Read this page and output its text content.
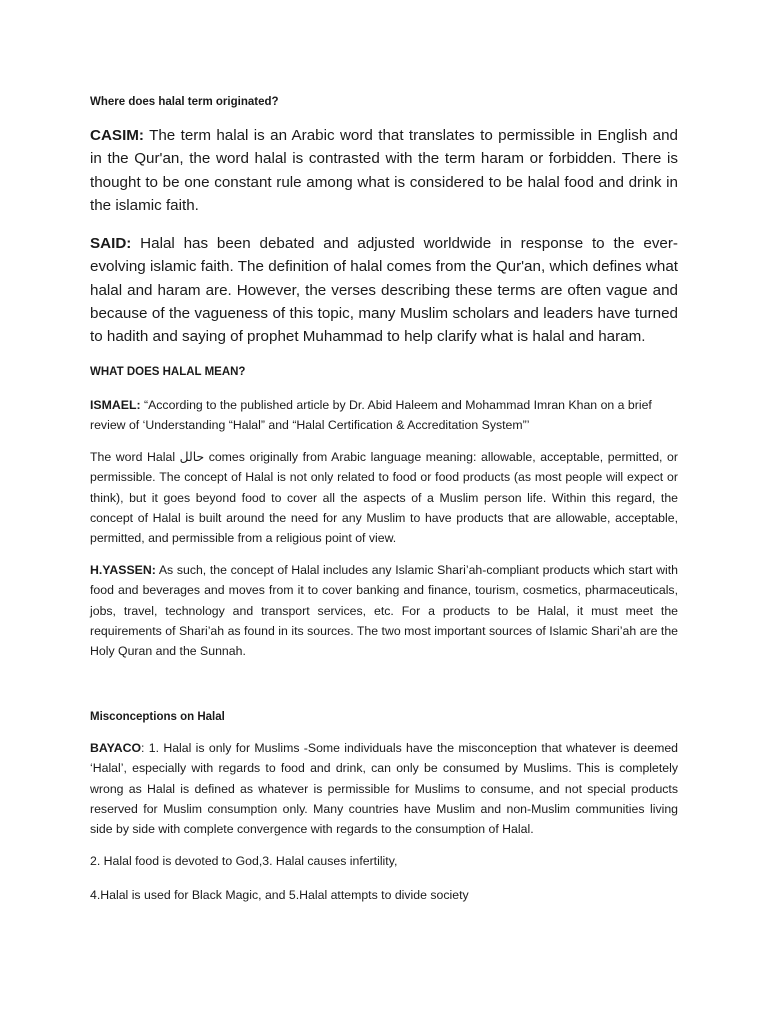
Where does halal term originated?

CASIM: The term halal is an Arabic word that translates to permissible in English and in the Qur'an, the word halal is contrasted with the term haram or forbidden. There is thought to be one constant rule among what is considered to be halal food and drink in the islamic faith.

SAID: Halal has been debated and adjusted worldwide in response to the ever-evolving islamic faith. The definition of halal comes from the Qur'an, which defines what halal and haram are. However, the verses describing these terms are often vague and because of the vagueness of this topic, many Muslim scholars and leaders have turned to hadith and saying of prophet Muhammad to help clarify what is halal and haram.

WHAT DOES HALAL MEAN?

ISMAEL: “According to the published article by Dr. Abid Haleem and Mohammad Imran Khan on a brief review of ‘Understanding “Halal” and “Halal Certification & Accreditation System”’

The word Halal حالل comes originally from Arabic language meaning: allowable, acceptable, permitted, or permissible. The concept of Halal is not only related to food or food products (as most people will expect or think), but it goes beyond food to cover all the aspects of a Muslim person life. Within this regard, the concept of Halal is built around the need for any Muslim to have products that are allowable, acceptable, permitted, and permissible from a religious point of view.

H.YASSEN: As such, the concept of Halal includes any Islamic Shari’ah-compliant products which start with food and beverages and moves from it to cover banking and finance, tourism, cosmetics, pharmaceuticals, jobs, travel, technology and transport services, etc. For a products to be Halal, it must meet the requirements of Shari’ah as found in its sources. The two most important sources of Islamic Shari’ah are the Holy Quran and the Sunnah.

Misconceptions on Halal

BAYACO: 1. Halal is only for Muslims -Some individuals have the misconception that whatever is deemed ‘Halal’, especially with regards to food and drink, can only be consumed by Muslims. This is completely wrong as Halal is defined as whatever is permissible for Muslims to consume, and not special products reserved for Muslim consumption only. Many countries have Muslim and non-Muslim communities living side by side with complete convergence with regards to the consumption of Halal.

2. Halal food is devoted to God,3. Halal causes infertility,

4.Halal is used for Black Magic, and 5.Halal attempts to divide society
